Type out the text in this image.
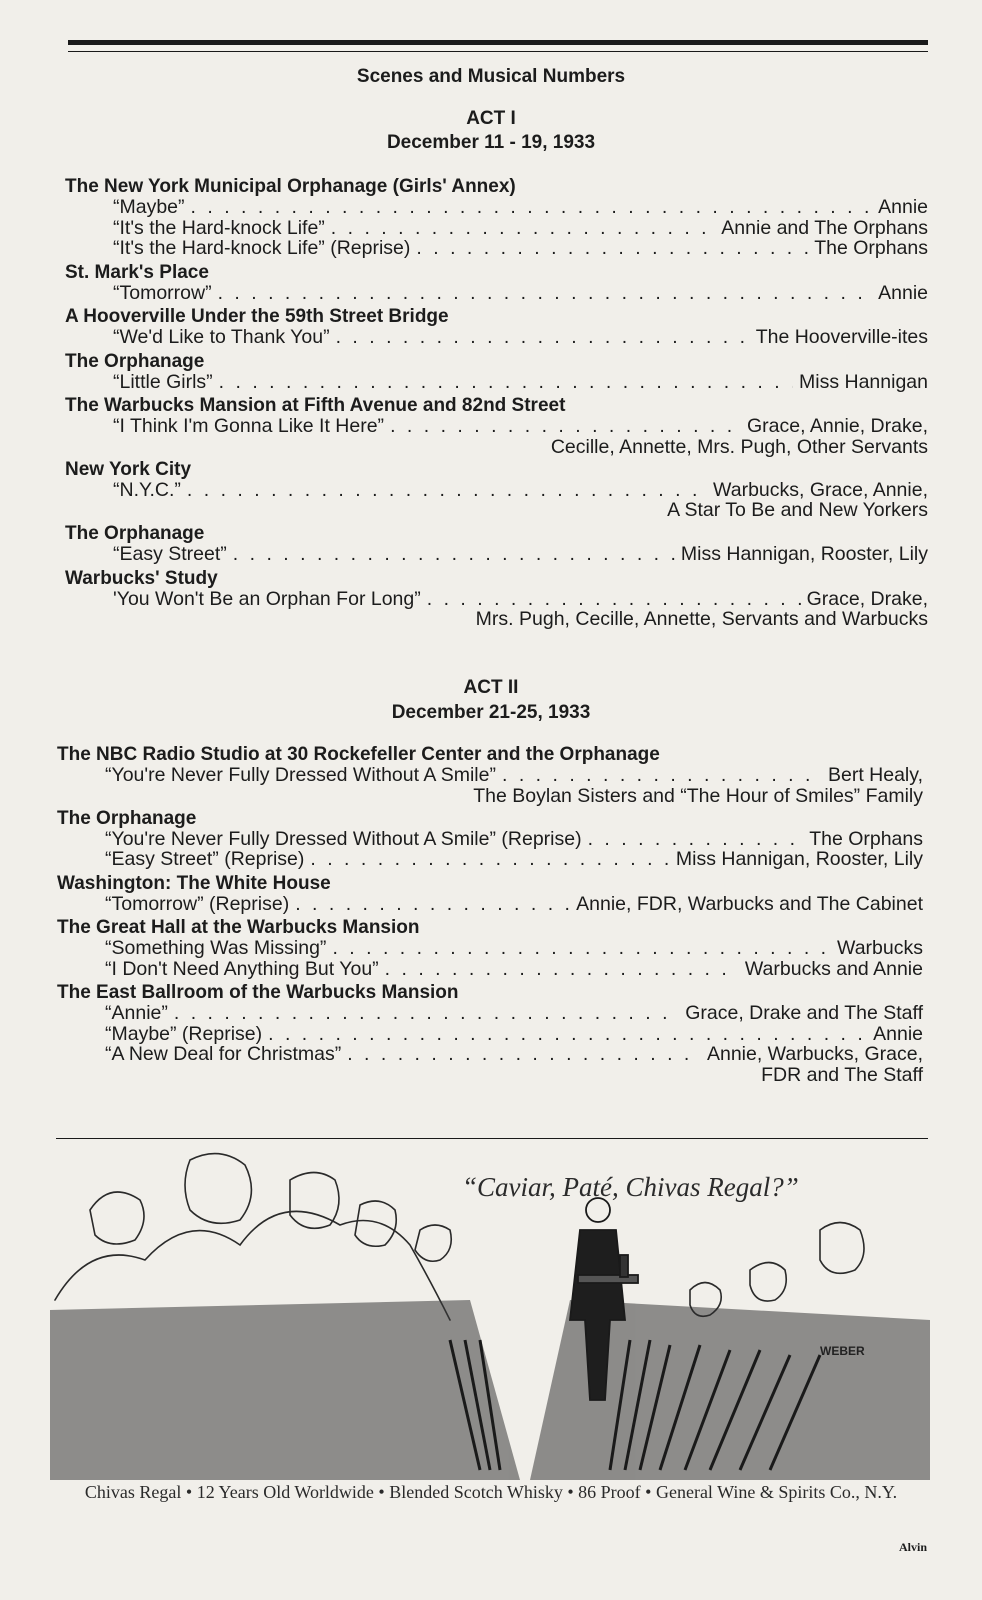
Scenes and Musical Numbers
ACT I
December 11 - 19, 1933
The New York Municipal Orphanage (Girls' Annex)
“Maybe” . . .	Annie
“It's the Hard-knock Life” . . .	Annie and The Orphans
“It's the Hard-knock Life” (Reprise) . . .	The Orphans
St. Mark's Place
“Tomorrow” . . .	Annie
A Hooverville Under the 59th Street Bridge
“We'd Like to Thank You” . . .	The Hooverville-ites
The Orphanage
“Little Girls” . . .	Miss Hannigan
The Warbucks Mansion at Fifth Avenue and 82nd Street
“I Think I'm Gonna Like It Here” . . .	Grace, Annie, Drake,
Cecille, Annette, Mrs. Pugh, Other Servants
New York City
“N.Y.C.” . . .	Warbucks, Grace, Annie,
A Star To Be and New Yorkers
The Orphanage
“Easy Street” . . .	Miss Hannigan, Rooster, Lily
Warbucks' Study
'You Won't Be an Orphan For Long” . . .	Grace, Drake,
Mrs. Pugh, Cecille, Annette, Servants and Warbucks
ACT II
December 21-25, 1933
The NBC Radio Studio at 30 Rockefeller Center and the Orphanage
“You're Never Fully Dressed Without A Smile” . . .	Bert Healy,
The Boylan Sisters and “The Hour of Smiles” Family
The Orphanage
“You're Never Fully Dressed Without A Smile” (Reprise) . . .	The Orphans
“Easy Street” (Reprise) . . .	Miss Hannigan, Rooster, Lily
Washington: The White House
“Tomorrow” (Reprise) . . .	Annie, FDR, Warbucks and The Cabinet
The Great Hall at the Warbucks Mansion
“Something Was Missing” . . .	Warbucks
“I Don't Need Anything But You” . . .	Warbucks and Annie
The East Ballroom of the Warbucks Mansion
“Annie” . . .	Grace, Drake and The Staff
“Maybe” (Reprise) . . .	Annie
“A New Deal for Christmas” . . .	Annie, Warbucks, Grace,
FDR and The Staff
WEBER
“Caviar, Paté, Chivas Regal?”
Chivas Regal • 12 Years Old Worldwide • Blended Scotch Whisky • 86 Proof • General Wine & Spirits Co., N.Y.
Alvin
